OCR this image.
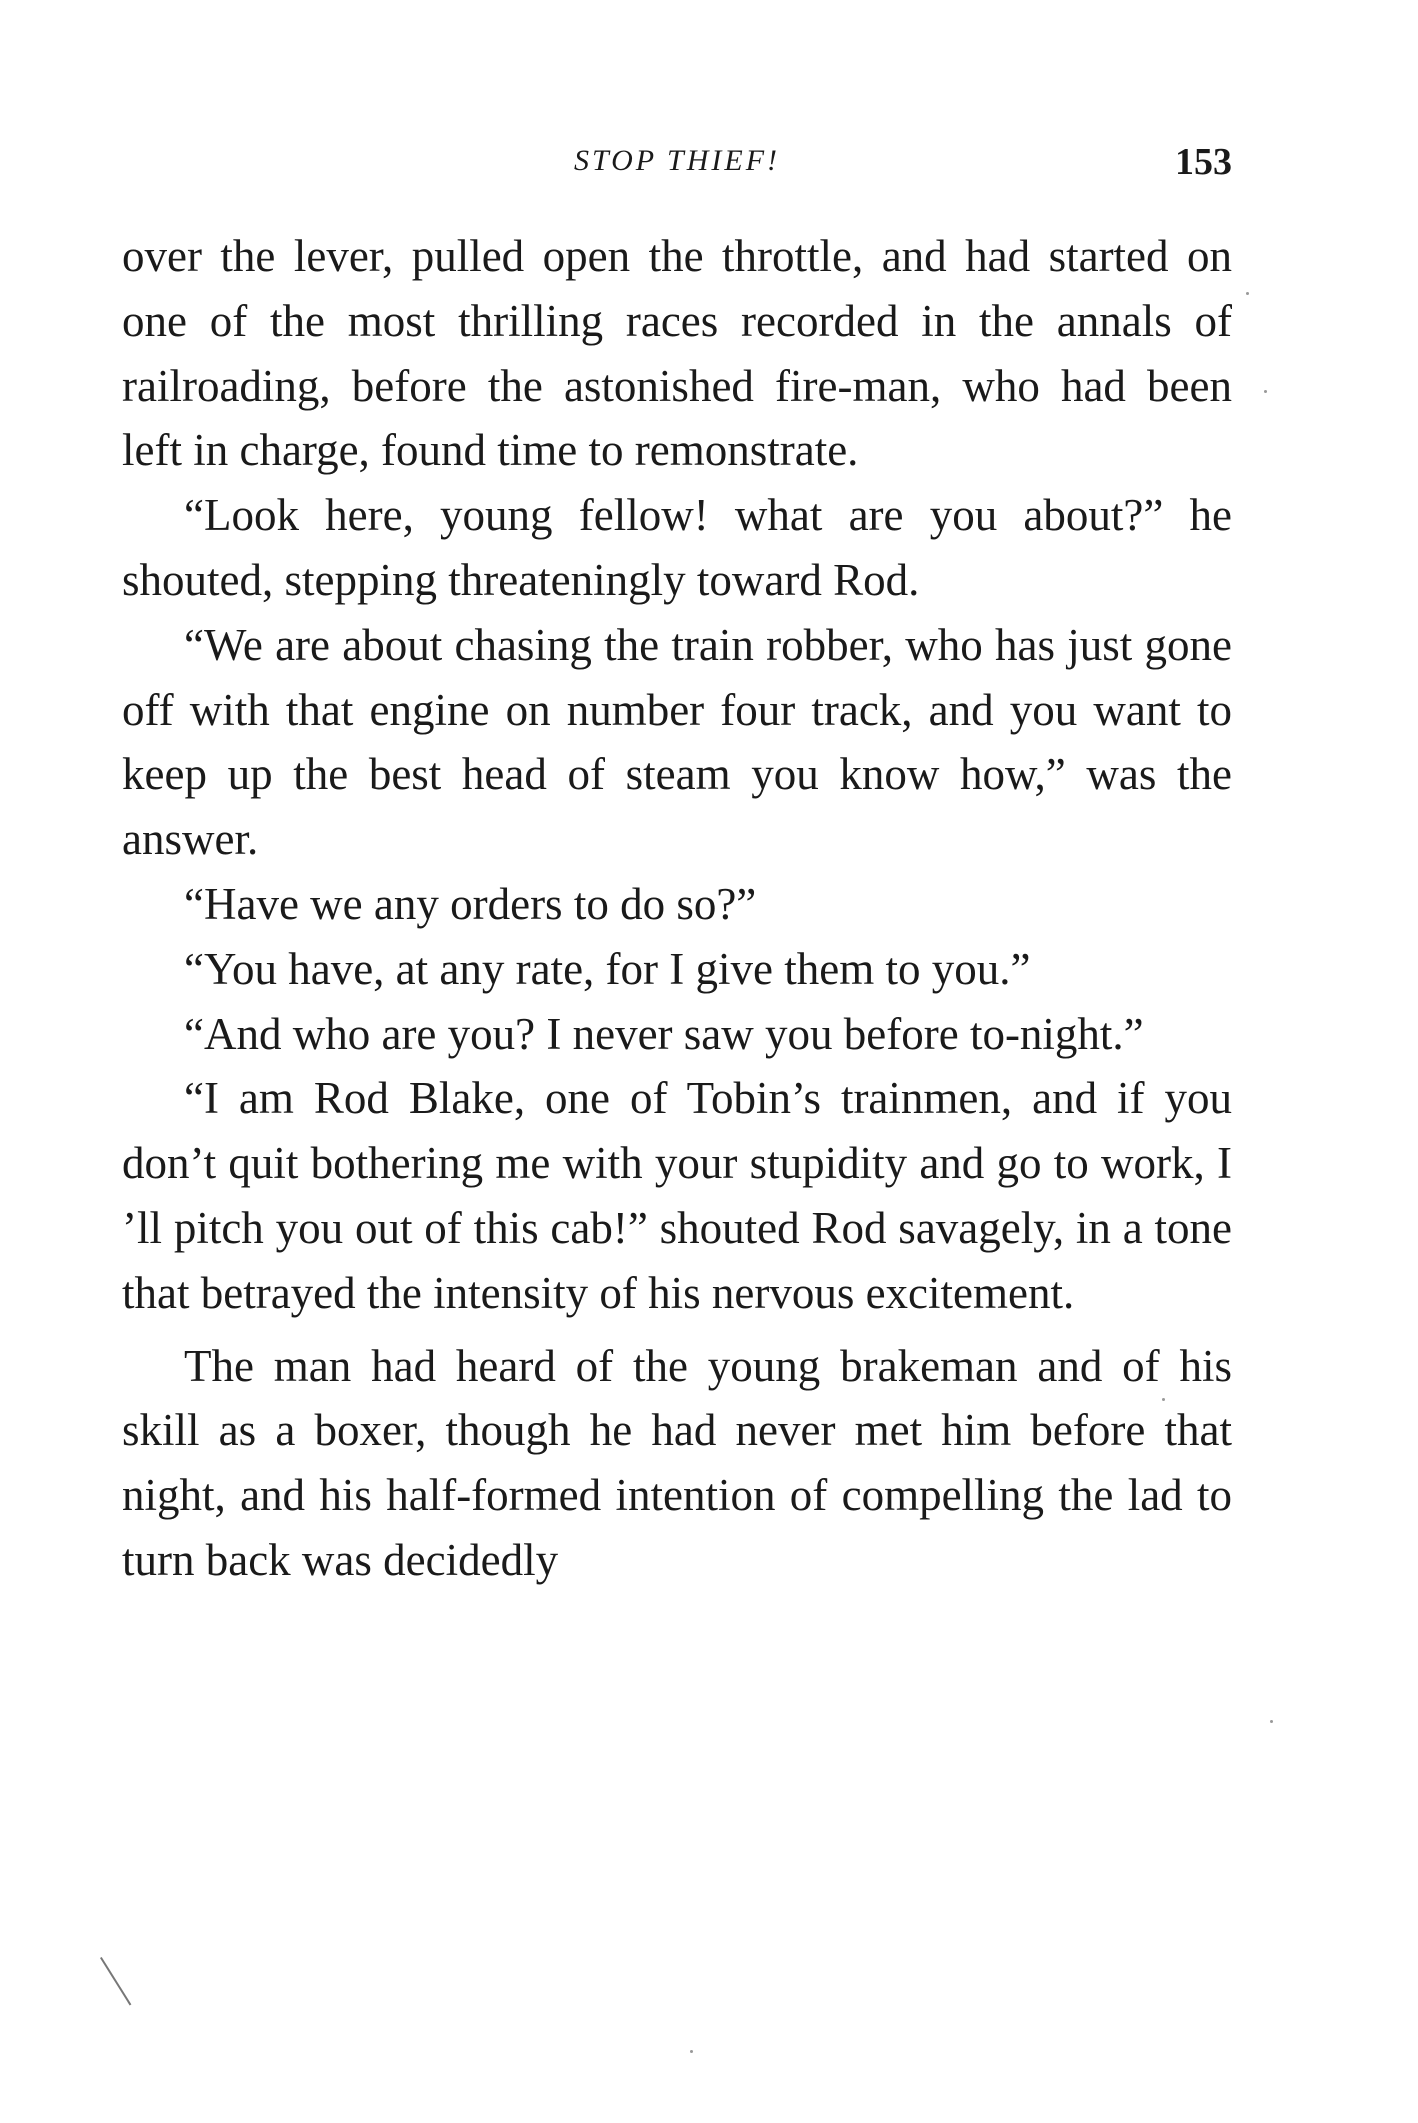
STOP THIEF!	153

over the lever, pulled open the throttle, and had started on one of the most thrilling races recorded in the annals of railroading, before the astonished fire-man, who had been left in charge, found time to remonstrate.

“Look here, young fellow! what are you about?” he shouted, stepping threateningly toward Rod.

“We are about chasing the train robber, who has just gone off with that engine on number four track, and you want to keep up the best head of steam you know how,” was the answer.

“Have we any orders to do so?”

“You have, at any rate, for I give them to you.”

“And who are you? I never saw you before to-night.”

“I am Rod Blake, one of Tobin’s trainmen, and if you don’t quit bothering me with your stupidity and go to work, I ’ll pitch you out of this cab!” shouted Rod savagely, in a tone that betrayed the intensity of his nervous excitement.

The man had heard of the young brakeman and of his skill as a boxer, though he had never met him before that night, and his half-formed intention of compelling the lad to turn back was decidedly
